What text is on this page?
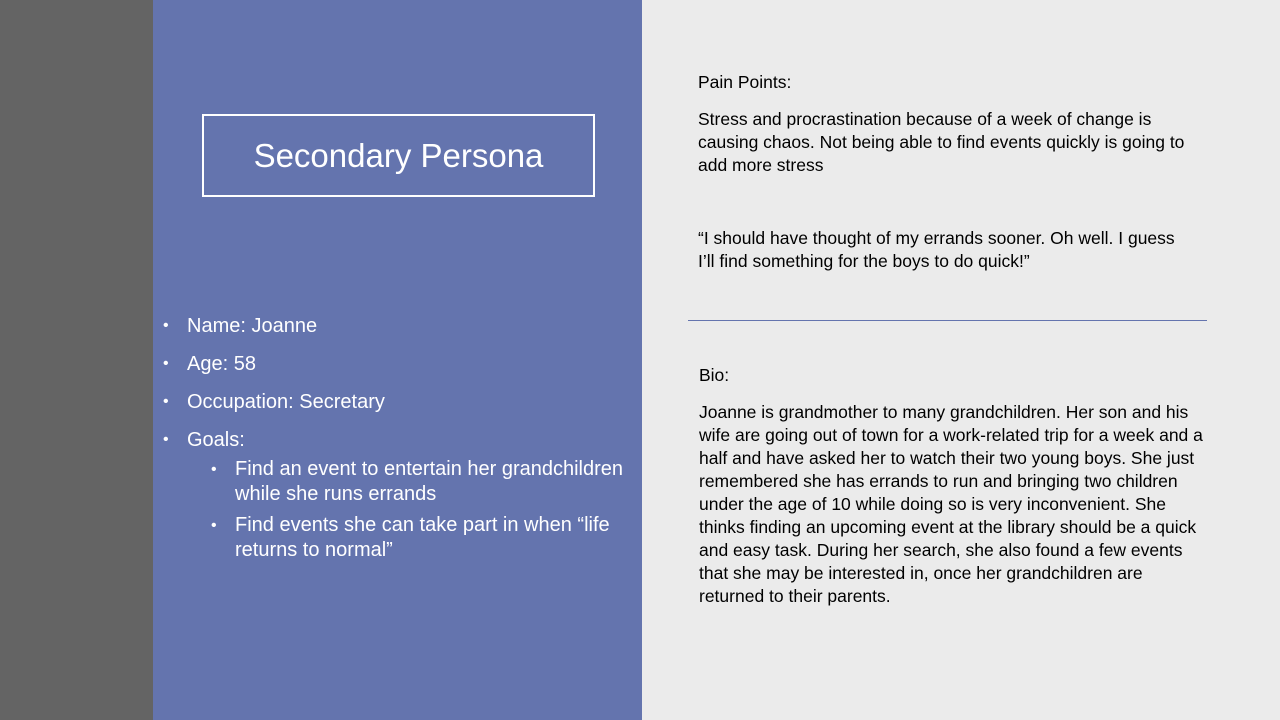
Secondary Persona
• Name: Joanne
• Age: 58
• Occupation: Secretary
• Goals:
• Find an event to entertain her grandchildren while she runs errands
• Find events she can take part in when “life returns to normal”

Pain Points:

Stress and procrastination because of a week of change is causing chaos. Not being able to find events quickly is going to add more stress

“I should have thought of my errands sooner. Oh well. I guess I’ll find something for the boys to do quick!”

Bio:

Joanne is grandmother to many grandchildren. Her son and his wife are going out of town for a work-related trip for a week and a half and have asked her to watch their two young boys. She just remembered she has errands to run and bringing two children under the age of 10 while doing so is very inconvenient. She thinks finding an upcoming event at the library should be a quick and easy task. During her search, she also found a few events that she may be interested in, once her grandchildren are returned to their parents.
